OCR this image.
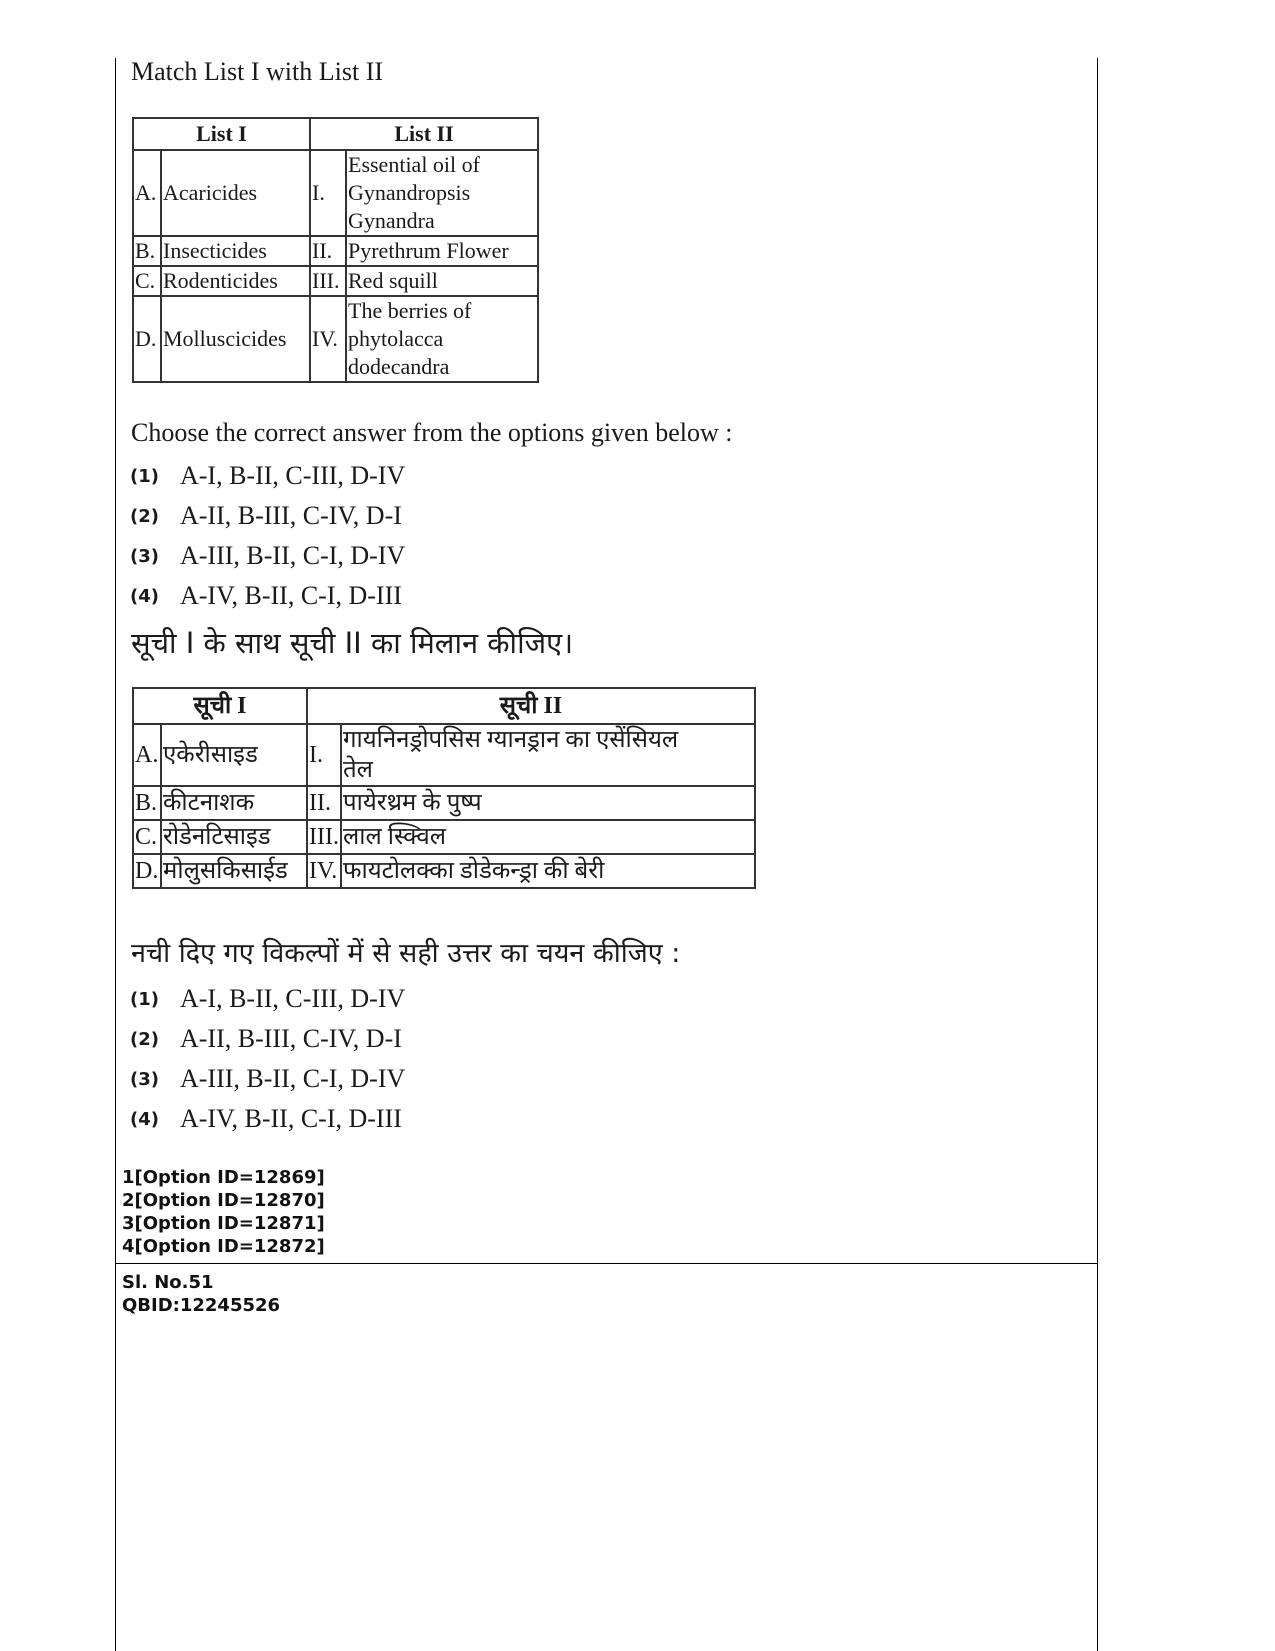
Match List I with List II
List I		List II	
A.	Acaricides	I.	Essential oil of
Gynandropsis
Gynandra

B.	Insecticides	II.	Pyrethrum Flower

C.	Rodenticides	III.	Red squill

D.	Molluscicides	IV.	The berries of
phytolacca
dodecandra
Choose the correct answer from the options given below :
(1) A-I, B-II, C-III, D-IV
(2) A-II, B-III, C-IV, D-I
(3) A-III, B-II, C-I, D-IV
(4) A-IV, B-II, C-I, D-III
सूची I के साथ सूची II का मिलान कीजिए।
सूची I		सूची II	
A.	एकेरीसाइड	I.	गायनिनड्रोपसिस ग्यानड्रान का एसेंसियल
तेल

B.	कीटनाशक	II.	पायेरथ्रम के पुष्प

C.	रोडेनटिसाइड	III.	लाल स्क्विल

D.	मोलुसकिसाईड	IV.	फायटोलक्का डोडेकन्ड्रा की बेरी
नची दिए गए विकल्पों में से सही उत्तर का चयन कीजिए :
(1) A-I, B-II, C-III, D-IV
(2) A-II, B-III, C-IV, D-I
(3) A-III, B-II, C-I, D-IV
(4) A-IV, B-II, C-I, D-III
1[Option ID=12869]
2[Option ID=12870]
3[Option ID=12871]
4[Option ID=12872]
Sl. No.51
QBID:12245526
